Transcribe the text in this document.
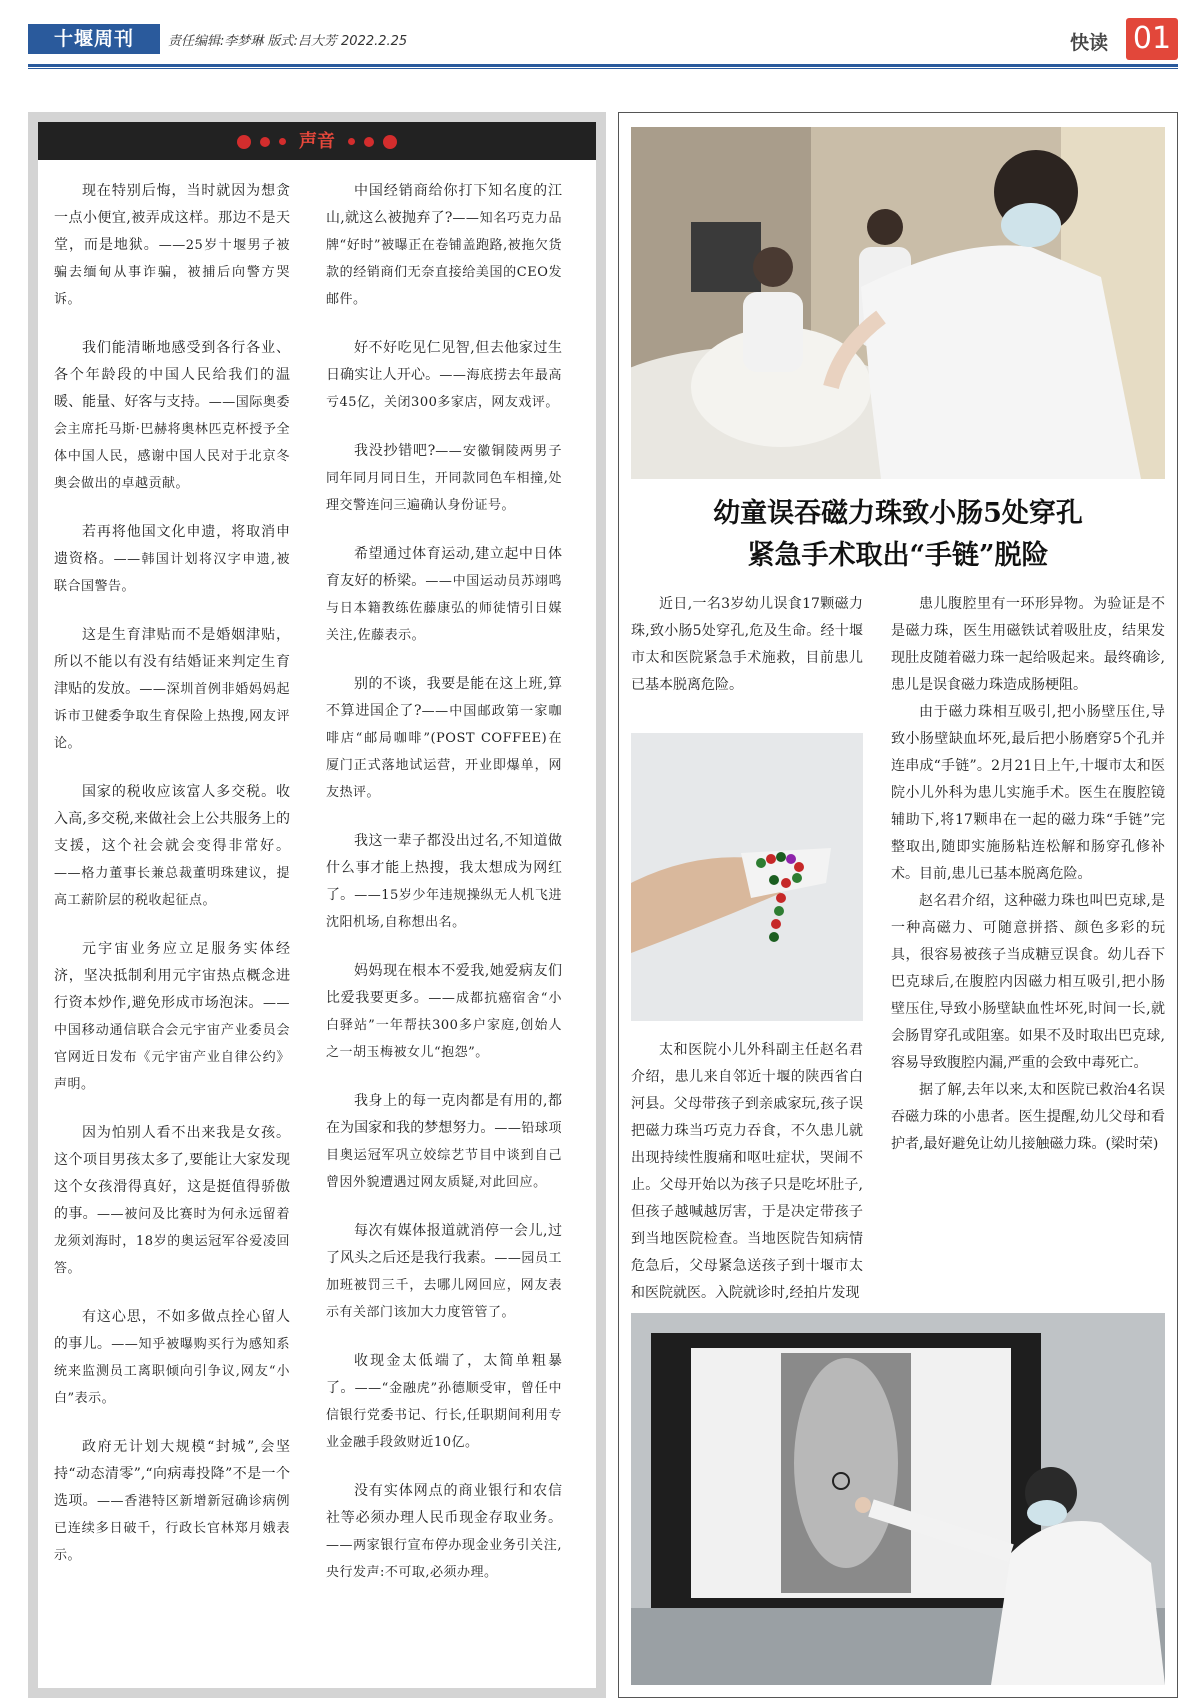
十堰周刊	责任编辑:李梦琳 版式:吕大芳 2022.2.25	快读 01
声音

现在特别后悔，当时就因为想贪一点小便宜,被弄成这样。那边不是天堂，而是地狱。——25岁十堰男子被骗去缅甸从事诈骗，被捕后向警方哭诉。

我们能清晰地感受到各行各业、各个年龄段的中国人民给我们的温暖、能量、好客与支持。——国际奥委会主席托马斯·巴赫将奥林匹克杯授予全体中国人民，感谢中国人民对于北京冬奥会做出的卓越贡献。

若再将他国文化申遗，将取消申遗资格。——韩国计划将汉字申遗,被联合国警告。

这是生育津贴而不是婚姻津贴，所以不能以有没有结婚证来判定生育津贴的发放。——深圳首例非婚妈妈起诉市卫健委争取生育保险上热搜,网友评论。

国家的税收应该富人多交税。收入高,多交税,来做社会上公共服务上的支援，这个社会就会变得非常好。——格力董事长兼总裁董明珠建议，提高工薪阶层的税收起征点。

元宇宙业务应立足服务实体经济，坚决抵制利用元宇宙热点概念进行资本炒作,避免形成市场泡沫。——中国移动通信联合会元宇宙产业委员会官网近日发布《元宇宙产业自律公约》声明。

因为怕别人看不出来我是女孩。这个项目男孩太多了,要能让大家发现这个女孩滑得真好，这是挺值得骄傲的事。——被问及比赛时为何永远留着龙须刘海时，18岁的奥运冠军谷爱凌回答。

有这心思，不如多做点拴心留人的事儿。——知乎被曝购买行为感知系统来监测员工离职倾向引争议,网友“小白”表示。

政府无计划大规模“封城”,会坚持“动态清零”,“向病毒投降”不是一个选项。——香港特区新增新冠确诊病例已连续多日破千，行政长官林郑月娥表示。

中国经销商给你打下知名度的江山,就这么被抛弃了?——知名巧克力品牌“好时”被曝正在卷铺盖跑路,被拖欠货款的经销商们无奈直接给美国的CEO发邮件。

好不好吃见仁见智,但去他家过生日确实让人开心。——海底捞去年最高亏45亿，关闭300多家店，网友戏评。

我没抄错吧?——安徽铜陵两男子同年同月同日生，开同款同色车相撞,处理交警连问三遍确认身份证号。

希望通过体育运动,建立起中日体育友好的桥梁。——中国运动员苏翊鸣与日本籍教练佐藤康弘的师徒情引日媒关注,佐藤表示。

别的不谈，我要是能在这上班,算不算进国企了?——中国邮政第一家咖啡店“邮局咖啡”(POST COFFEE)在厦门正式落地试运营，开业即爆单，网友热评。

我这一辈子都没出过名,不知道做什么事才能上热搜，我太想成为网红了。——15岁少年违规操纵无人机飞进沈阳机场,自称想出名。

妈妈现在根本不爱我,她爱病友们比爱我要更多。——成都抗癌宿舍“小白驿站”一年帮扶300多户家庭,创始人之一胡玉梅被女儿“抱怨”。

我身上的每一克肉都是有用的,都在为国家和我的梦想努力。——铅球项目奥运冠军巩立姣综艺节目中谈到自己曾因外貌遭遇过网友质疑,对此回应。

每次有媒体报道就消停一会儿,过了风头之后还是我行我素。——园员工加班被罚三千，去哪儿网回应，网友表示有关部门该加大力度管管了。

收现金太低端了，太简单粗暴了。——“金融虎”孙德顺受审，曾任中信银行党委书记、行长,任职期间利用专业金融手段敛财近10亿。

没有实体网点的商业银行和农信社等必须办理人民币现金存取业务。——两家银行宣布停办现金业务引关注,央行发声:不可取,必须办理。

幼童误吞磁力珠致小肠5处穿孔
紧急手术取出“手链”脱险

近日,一名3岁幼儿误食17颗磁力珠,致小肠5处穿孔,危及生命。经十堰市太和医院紧急手术施救，目前患儿已基本脱离危险。

太和医院小儿外科副主任赵名君介绍，患儿来自邻近十堰的陕西省白河县。父母带孩子到亲戚家玩,孩子误把磁力珠当巧克力吞食，不久患儿就出现持续性腹痛和呕吐症状，哭闹不止。父母开始以为孩子只是吃坏肚子,但孩子越喊越厉害，于是决定带孩子到当地医院检查。当地医院告知病情危急后，父母紧急送孩子到十堰市太和医院就医。入院就诊时,经拍片发现

患儿腹腔里有一环形异物。为验证是不是磁力珠，医生用磁铁试着吸肚皮，结果发现肚皮随着磁力珠一起给吸起来。最终确诊,患儿是误食磁力珠造成肠梗阻。

由于磁力珠相互吸引,把小肠壁压住,导致小肠壁缺血坏死,最后把小肠磨穿5个孔并连串成“手链”。2月21日上午,十堰市太和医院小儿外科为患儿实施手术。医生在腹腔镜辅助下,将17颗串在一起的磁力珠“手链”完整取出,随即实施肠粘连松解和肠穿孔修补术。目前,患儿已基本脱离危险。

赵名君介绍，这种磁力珠也叫巴克球,是一种高磁力、可随意拼搭、颜色多彩的玩具，很容易被孩子当成糖豆误食。幼儿吞下巴克球后,在腹腔内因磁力相互吸引,把小肠壁压住,导致小肠壁缺血性坏死,时间一长,就会肠胃穿孔或阻塞。如果不及时取出巴克球,容易导致腹腔内漏,严重的会致中毒死亡。

据了解,去年以来,太和医院已救治4名误吞磁力珠的小患者。医生提醒,幼儿父母和看护者,最好避免让幼儿接触磁力珠。(梁时荣)
